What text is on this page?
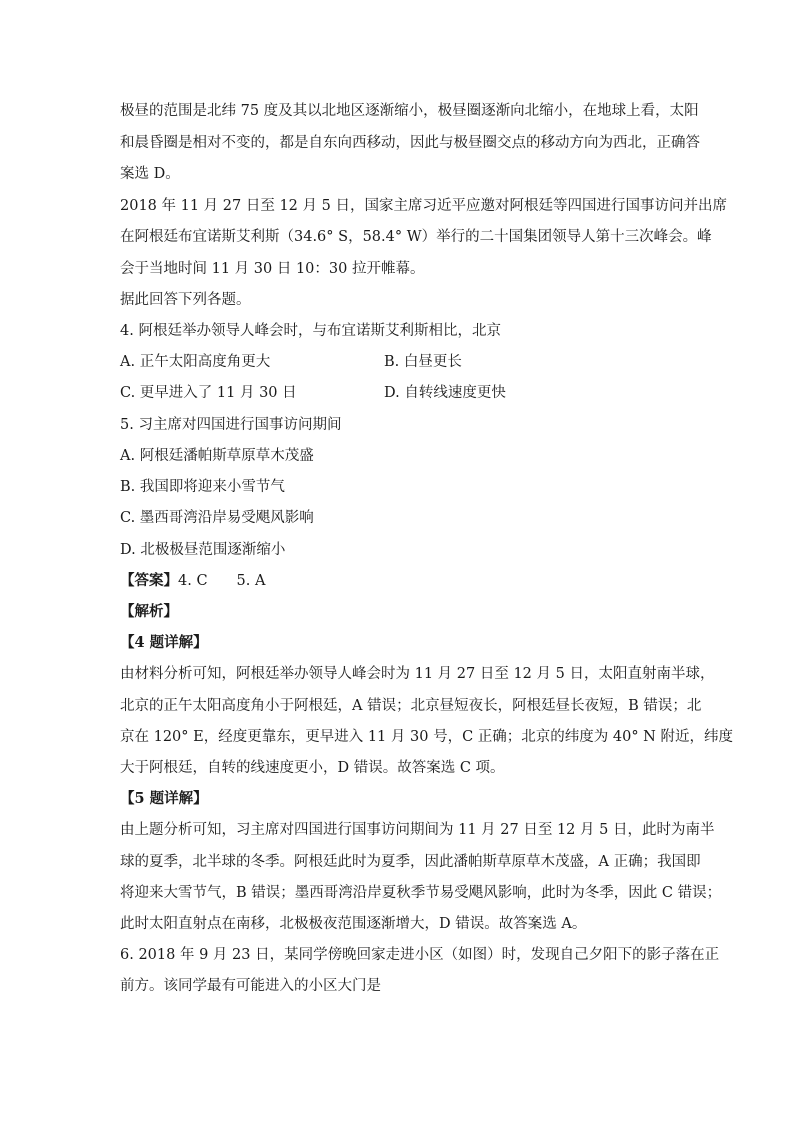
极昼的范围是北纬 75 度及其以北地区逐渐缩小，极昼圈逐渐向北缩小，在地球上看，太阳
和晨昏圈是相对不变的，都是自东向西移动，因此与极昼圈交点的移动方向为西北，正确答
案选 D。
2018 年 11 月 27 日至 12 月 5 日，国家主席习近平应邀对阿根廷等四国进行国事访问并出席
在阿根廷布宜诺斯艾利斯（34.6° S，58.4° W）举行的二十国集团领导人第十三次峰会。峰
会于当地时间 11 月 30 日 10：30 拉开帷幕。
据此回答下列各题。
4. 阿根廷举办领导人峰会时，与布宜诺斯艾利斯相比，北京
A. 正午太阳高度角更大	B. 白昼更长
C. 更早进入了 11 月 30 日	D. 自转线速度更快
5. 习主席对四国进行国事访问期间
A. 阿根廷潘帕斯草原草木茂盛
B. 我国即将迎来小雪节气
C. 墨西哥湾沿岸易受飓风影响
D. 北极极昼范围逐渐缩小
【答案】4. C　　5. A
【解析】
【4 题详解】
由材料分析可知，阿根廷举办领导人峰会时为 11 月 27 日至 12 月 5 日，太阳直射南半球，
北京的正午太阳高度角小于阿根廷，A 错误；北京昼短夜长，阿根廷昼长夜短，B 错误；北
京在 120° E，经度更靠东，更早进入 11 月 30 号，C 正确；北京的纬度为 40° N 附近，纬度
大于阿根廷，自转的线速度更小，D 错误。故答案选 C 项。
【5 题详解】
由上题分析可知，习主席对四国进行国事访问期间为 11 月 27 日至 12 月 5 日，此时为南半
球的夏季，北半球的冬季。阿根廷此时为夏季，因此潘帕斯草原草木茂盛，A 正确；我国即
将迎来大雪节气，B 错误；墨西哥湾沿岸夏秋季节易受飓风影响，此时为冬季，因此 C 错误；
此时太阳直射点在南移，北极极夜范围逐渐增大，D 错误。故答案选 A。
6. 2018 年 9 月 23 日，某同学傍晚回家走进小区（如图）时，发现自己夕阳下的影子落在正
前方。该同学最有可能进入的小区大门是
